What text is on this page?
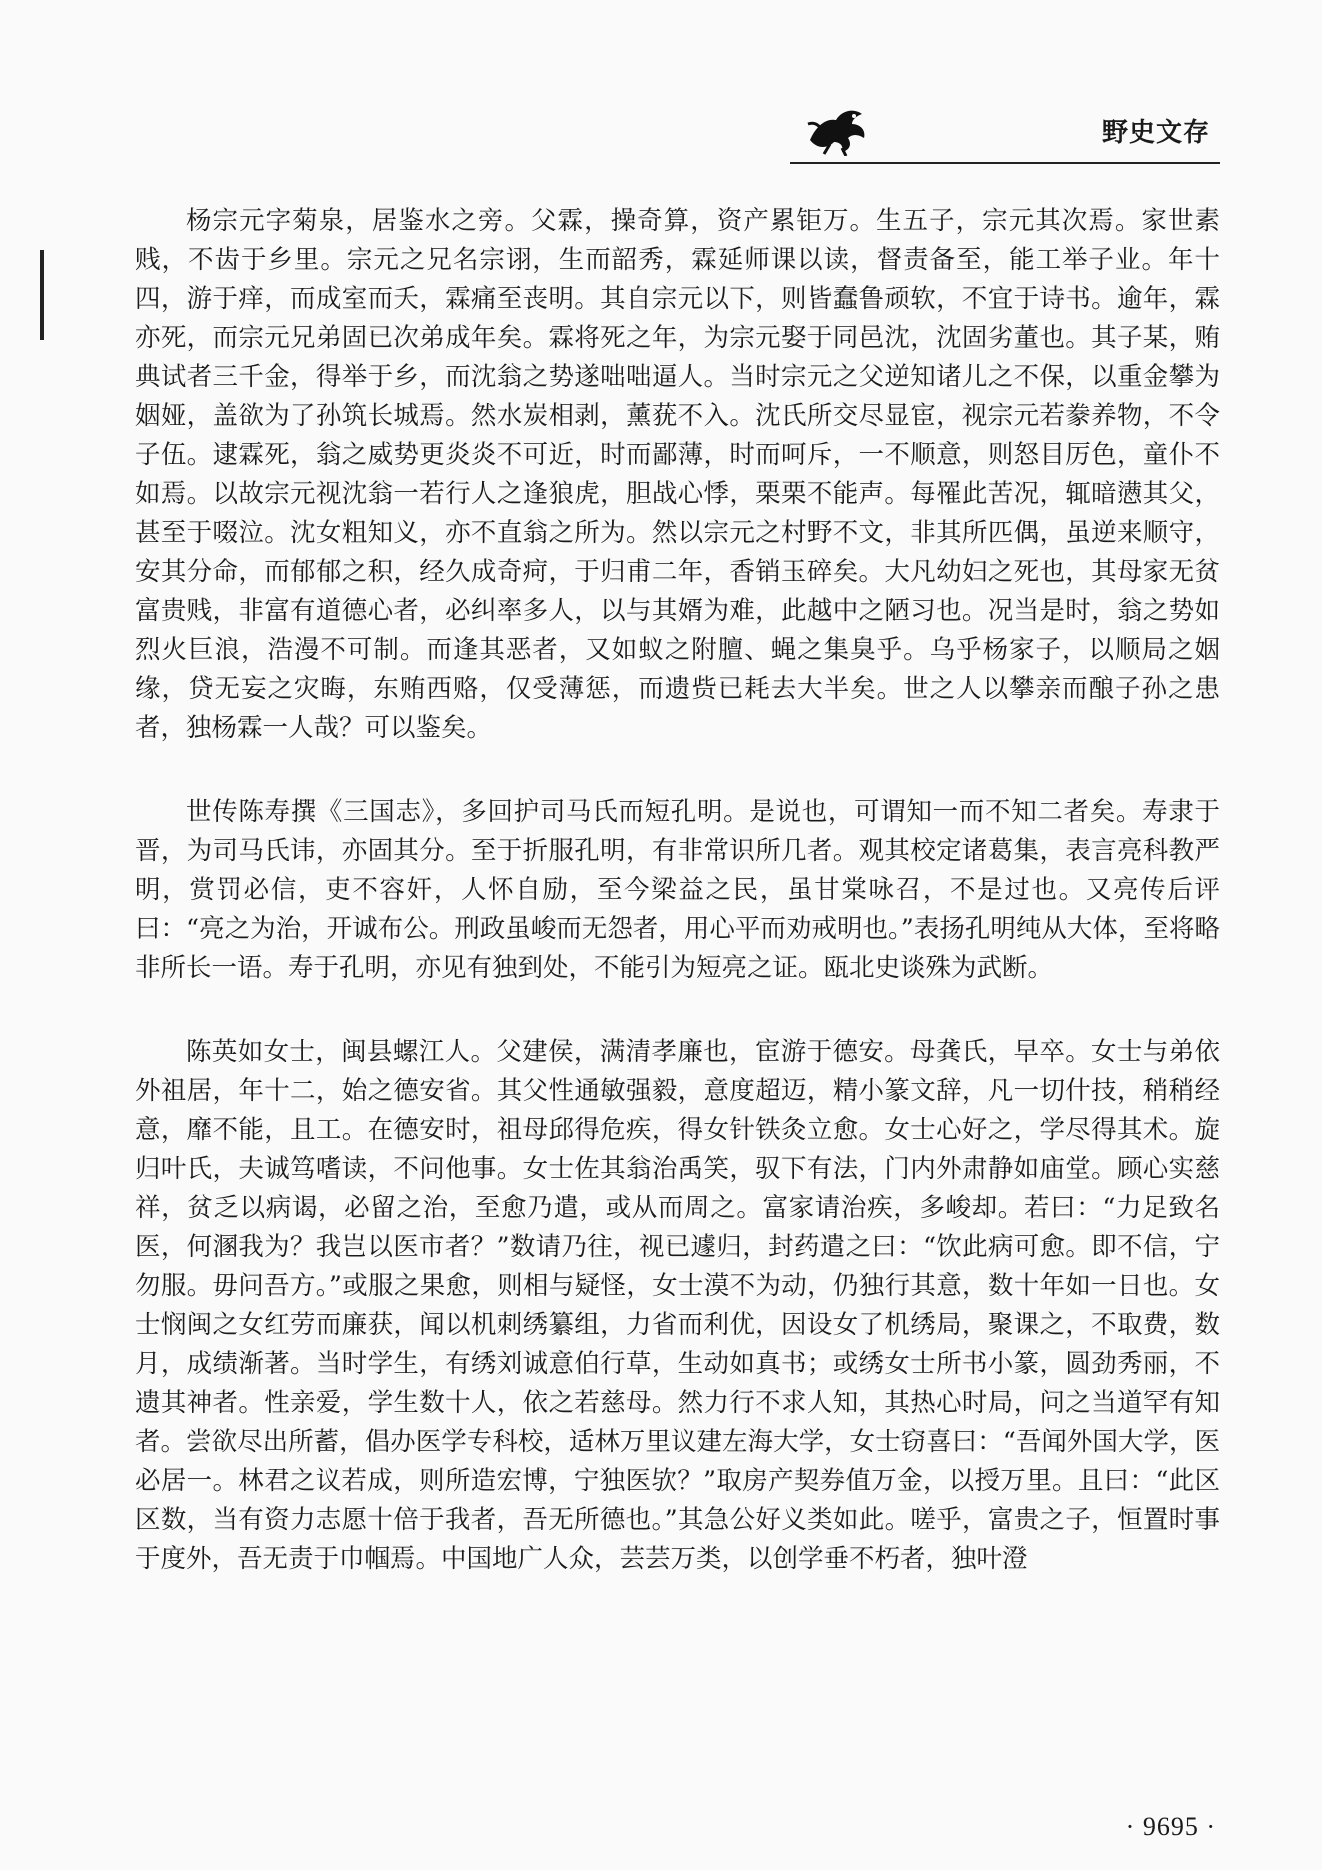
野史文存

杨宗元字菊泉，居鉴水之旁。父霖，操奇算，资产累钜万。生五子，宗元其次焉。家世素贱，不齿于乡里。宗元之兄名宗诩，生而韶秀，霖延师课以读，督责备至，能工举子业。年十四，游于痒，而成室而夭，霖痛至丧明。其自宗元以下，则皆蠢鲁顽软，不宜于诗书。逾年，霖亦死，而宗元兄弟固已次弟成年矣。霖将死之年，为宗元娶于同邑沈，沈固劣董也。其子某，贿典试者三千金，得举于乡，而沈翁之势遂咄咄逼人。当时宗元之父逆知诸儿之不保，以重金攀为姻娅，盖欲为了孙筑长城焉。然水炭相剥，薰莸不入。沈氏所交尽显宦，视宗元若豢养物，不令子伍。逮霖死，翁之威势更炎炎不可近，时而鄙薄，时而呵斥，一不顺意，则怒目厉色，童仆不如焉。以故宗元视沈翁一若行人之逢狼虎，胆战心悸，栗栗不能声。每罹此苦况，辄暗懑其父，甚至于啜泣。沈女粗知义，亦不直翁之所为。然以宗元之村野不文，非其所匹偶，虽逆来顺守，安其分命，而郁郁之积，经久成奇疴，于归甫二年，香销玉碎矣。大凡幼妇之死也，其母家无贫富贵贱，非富有道德心者，必纠率多人，以与其婿为难，此越中之陋习也。况当是时，翁之势如烈火巨浪，浩漫不可制。而逢其恶者，又如蚁之附膻、蝇之集臭乎。乌乎杨家子，以顺局之姻缘，贷无妄之灾晦，东贿西赂，仅受薄惩，而遗赀已耗去大半矣。世之人以攀亲而酿子孙之患者，独杨霖一人哉？可以鉴矣。

世传陈寿撰《三国志》，多回护司马氏而短孔明。是说也，可谓知一而不知二者矣。寿隶于晋，为司马氏讳，亦固其分。至于折服孔明，有非常识所几者。观其校定诸葛集，表言亮科教严明，赏罚必信，吏不容奸，人怀自励，至今梁益之民，虽甘棠咏召，不是过也。又亮传后评曰：“亮之为治，开诚布公。刑政虽峻而无怨者，用心平而劝戒明也。”表扬孔明纯从大体，至将略非所长一语。寿于孔明，亦见有独到处，不能引为短亮之证。瓯北史谈殊为武断。

陈英如女士，闽县螺江人。父建侯，满清孝廉也，宦游于德安。母龚氏，早卒。女士与弟依外祖居，年十二，始之德安省。其父性通敏强毅，意度超迈，精小篆文辞，凡一切什技，稍稍经意，靡不能，且工。在德安时，祖母邱得危疾，得女针铁灸立愈。女士心好之，学尽得其术。旋归叶氏，夫诚笃嗜读，不问他事。女士佐其翁治禹笑，驭下有法，门内外肃静如庙堂。顾心实慈祥，贫乏以病谒，必留之治，至愈乃遣，或从而周之。富家请治疾，多峻却。若曰：“力足致名医，何溷我为？我岂以医市者？”数请乃往，视已遽归，封药遣之曰：“饮此病可愈。即不信，宁勿服。毋问吾方。”或服之果愈，则相与疑怪，女士漠不为动，仍独行其意，数十年如一日也。女士悯闽之女红劳而廉获，闻以机刺绣纂组，力省而利优，因设女了机绣局，聚课之，不取费，数月，成绩渐著。当时学生，有绣刘诚意伯行草，生动如真书；或绣女士所书小篆，圆劲秀丽，不遗其神者。性亲爱，学生数十人，依之若慈母。然力行不求人知，其热心时局，问之当道罕有知者。尝欲尽出所蓄，倡办医学专科校，适林万里议建左海大学，女士窃喜曰：“吾闻外国大学，医必居一。林君之议若成，则所造宏博，宁独医欤？”取房产契券值万金，以授万里。且曰：“此区区数，当有资力志愿十倍于我者，吾无所德也。”其急公好义类如此。嗟乎，富贵之子，恒置时事于度外，吾无责于巾帼焉。中国地广人众，芸芸万类，以创学垂不朽者，独叶澄

· 9695 ·
